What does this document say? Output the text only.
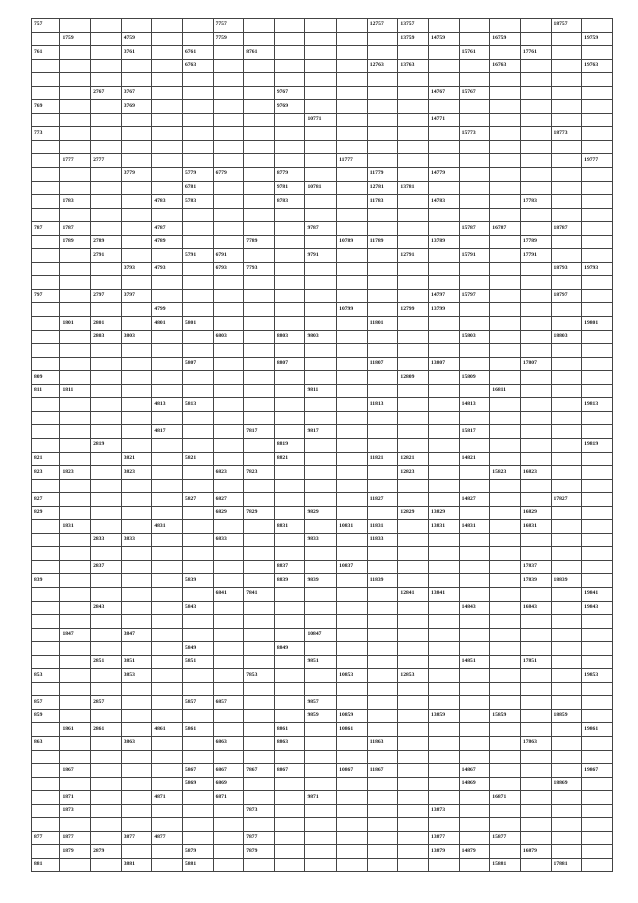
757						7757					12757	13757					18757	
	1759		4759			7759						13759	14759		16759			19759
761			3761		6761		8761							15761		17761		
					6763						12763	13763			16763			19763

		2767	3767					9767					14767	15767				
769			3769					9769										
									10771				14771					
773														15773			18773	

	1777	2777								11777								19777
			3779		5779	6779		8779			11779		14779					
					6781			9781	10781		12781	13781						
	1783			4783	5783			8783			11783		14783			17783		

787	1787			4787					9787					15787	16787		18787	
	1789	2789		4789			7789			10789	11789		13789			17789		
		2791			5791	6791			9791			12791		15791		17791		
			3793	4793		6793	7793										18793	19793

797		2797	3797										14797	15797			18797	
				4799						10799		12799	13799					
	1801	2801		4801	5801						11801							19801
		2803	3803			6803		8803	9803					15803			18803	

					5807			8807			11807		13807			17807		
809												12809		15809				
811	1811								9811						16811			
				4813	5813						11813			14813				19813

				4817			7817		9817					15817				
		2819						8819										19819
821			3821		5821			8821			11821	12821		14821				
823	1823		3823			6823	7823					12823			15823	16823		

827					5827	6827					11827			14827			17827	
829						6829	7829		9829			12829	13829			16829		
	1831			4831				8831		10831	11831		13831	14831		16831		
		2833	3833			6833			9833		11833							

		2837						8837		10837						17837		
839					5839			8839	9839		11839					17839	18839	
						6841	7841					12841	13841					19841
		2843			5843									14843		16843		19843

	1847		3847						10847									
					5849			8849										
		2851	3851		5851				9851					14851		17851		
853			3853				7853			10853		12853						19853

857		2857			5857	6857			9857									
859									9859	10859			13859		15859		18859	
	1861	2861		4861	5861			8861		10861								19861
863			3863			6863		8863			11863					17863		

	1867				5867	6867	7867	8867		10867	11867			14867				19867
					5869	6869								14869			18869	
	1871			4871		6871			9871						16871			
	1873						7873						13873					

877	1877		3877	4877			7877						13877		15877			
	1879	2879			5879		7879						13879	14879		16879		
881			3881		5881										15881		17881	
